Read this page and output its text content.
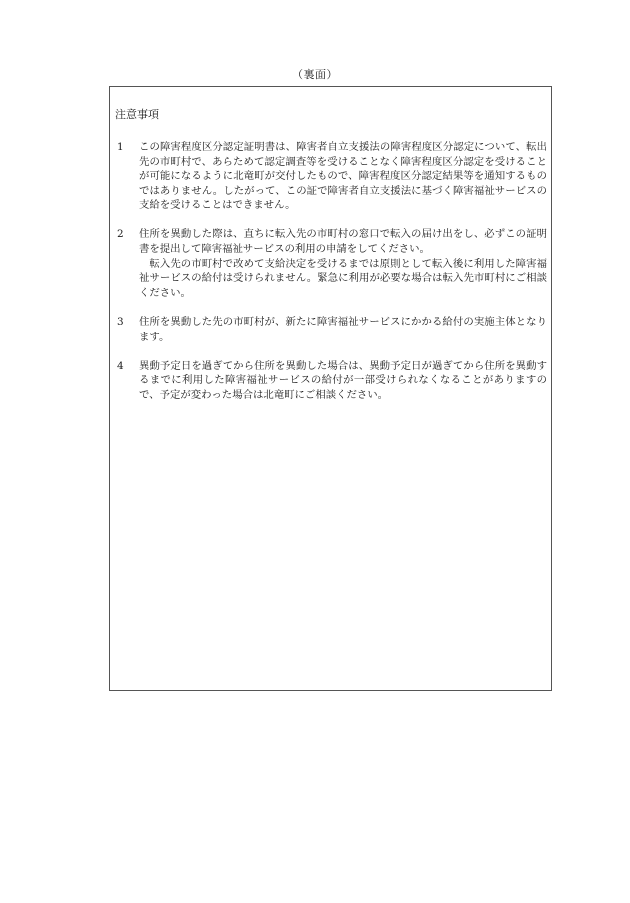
（裏面）
注意事項
1	この障害程度区分認定証明書は、障害者自立支援法の障害程度区分認定について、転出先の市町村で、あらためて認定調査等を受けることなく障害程度区分認定を受けることが可能になるように北竜町が交付したもので、障害程度区分認定結果等を通知するものではありません。したがって、この証で障害者自立支援法に基づく障害福祉サービスの支給を受けることはできません。

2	住所を異動した際は、直ちに転入先の市町村の窓口で転入の届け出をし、必ずこの証明書を提出して障害福祉サービスの利用の申請をしてください。

転入先の市町村で改めて支給決定を受けるまでは原則として転入後に利用した障害福祉サービスの給付は受けられません。緊急に利用が必要な場合は転入先市町村にご相談ください。

3	住所を異動した先の市町村が、新たに障害福祉サービスにかかる給付の実施主体となります。

4	異動予定日を過ぎてから住所を異動した場合は、異動予定日が過ぎてから住所を異動するまでに利用した障害福祉サービスの給付が一部受けられなくなることがありますので、予定が変わった場合は北竜町にご相談ください。
